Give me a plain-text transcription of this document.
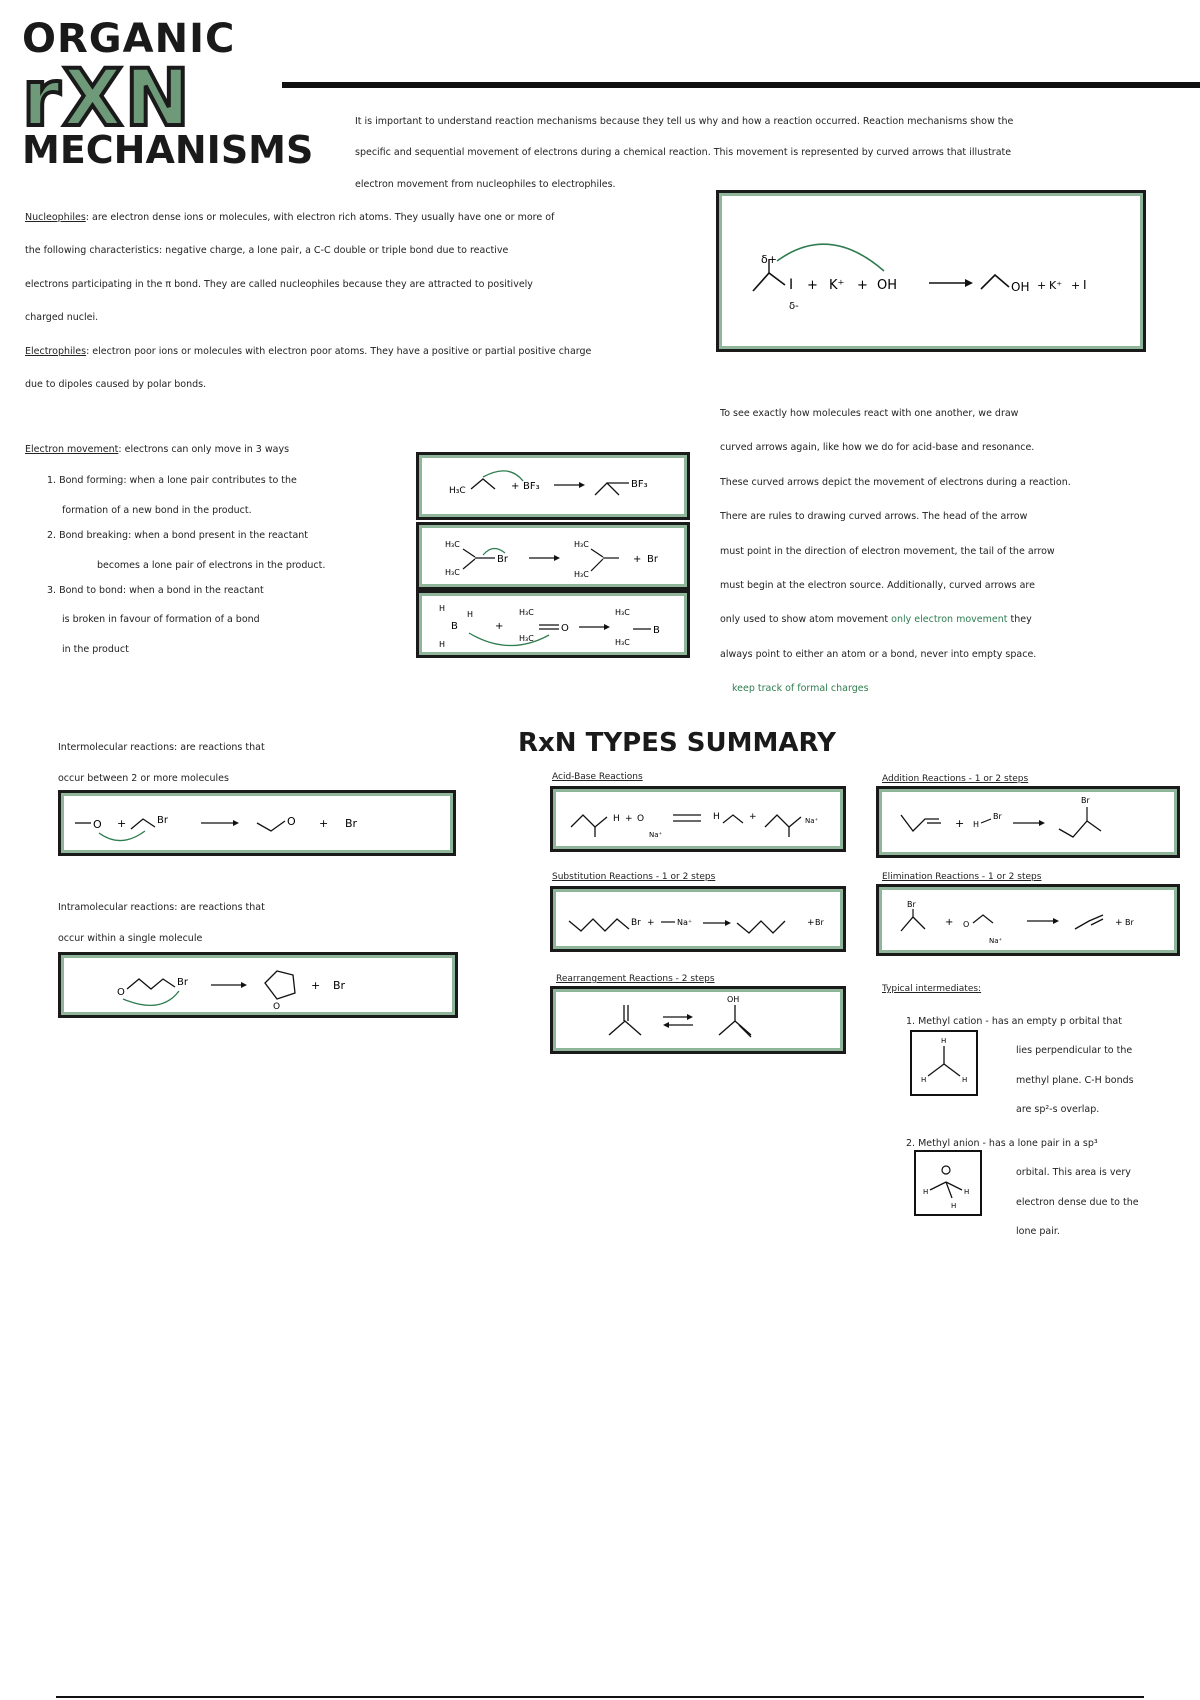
ORGANIC
rXN
MECHANISMS
It is important to understand reaction mechanisms because they tell us why and how a reaction occurred. Reaction mechanisms show the
specific and sequential movement of electrons during a chemical reaction. This movement is represented by curved arrows that illustrate
electron movement from nucleophiles to electrophiles.
Nucleophiles: are electron dense ions or molecules, with electron rich atoms. They usually have one or more of
the following characteristics: negative charge, a lone pair, a C-C double or triple bond due to reactive
electrons participating in the π bond. They are called nucleophiles because they are attracted to positively
charged nuclei.
Electrophiles: electron poor ions or molecules with electron poor atoms. They have a positive or partial positive charge
due to dipoles caused by polar bonds.
δ+
I
δ-
+ K⁺ + OH	OH + K⁺ + I
To see exactly how molecules react with one another, we draw
curved arrows again, like how we do for acid-base and resonance.
These curved arrows depict the movement of electrons during a reaction.
There are rules to drawing curved arrows. The head of the arrow
must point in the direction of electron movement, the tail of the arrow
must begin at the electron source. Additionally, curved arrows are
only used to show atom movement only electron movement they
always point to either an atom or a bond, never into empty space.
keep track of formal charges
Electron movement: electrons can only move in 3 ways
1. Bond forming: when a lone pair contributes to the
formation of a new bond in the product.
2. Bond breaking: when a bond present in the reactant
becomes a lone pair of electrons in the product.
3. Bond to bond: when a bond in the reactant
is broken in favour of formation of a bond
in the product
H₃C	+ BF₃	BF₃
H₃C
H₃C
Br
H₃C
H₃C
+ Br
H
B
H
H
+
H₃C
H₃C
O
H₃C
H₃C
B
RxN TYPES SUMMARY
Intermolecular reactions: are reactions that
occur between 2 or more molecules
O +	Br	O + Br
Intramolecular reactions: are reactions that
occur within a single molecule
O
Br
O
+ Br
Acid-Base Reactions
H + O
Na⁺
H	+	Na⁺
Addition Reactions - 1 or 2 steps
+ H
Br
Br
Substitution Reactions - 1 or 2 steps
Br +	Na⁺	+ Br
Elimination Reactions - 1 or 2 steps
Br
+ O
Na⁺
+ Br
Rearrangement Reactions - 2 steps
OH
Typical intermediates:
1. Methyl cation - has an empty p orbital that
lies perpendicular to the
methyl plane. C-H bonds
are sp²-s overlap.
H
H	H
2. Methyl anion - has a lone pair in a sp³
orbital. This area is very
electron dense due to the
lone pair.
H	H
H
